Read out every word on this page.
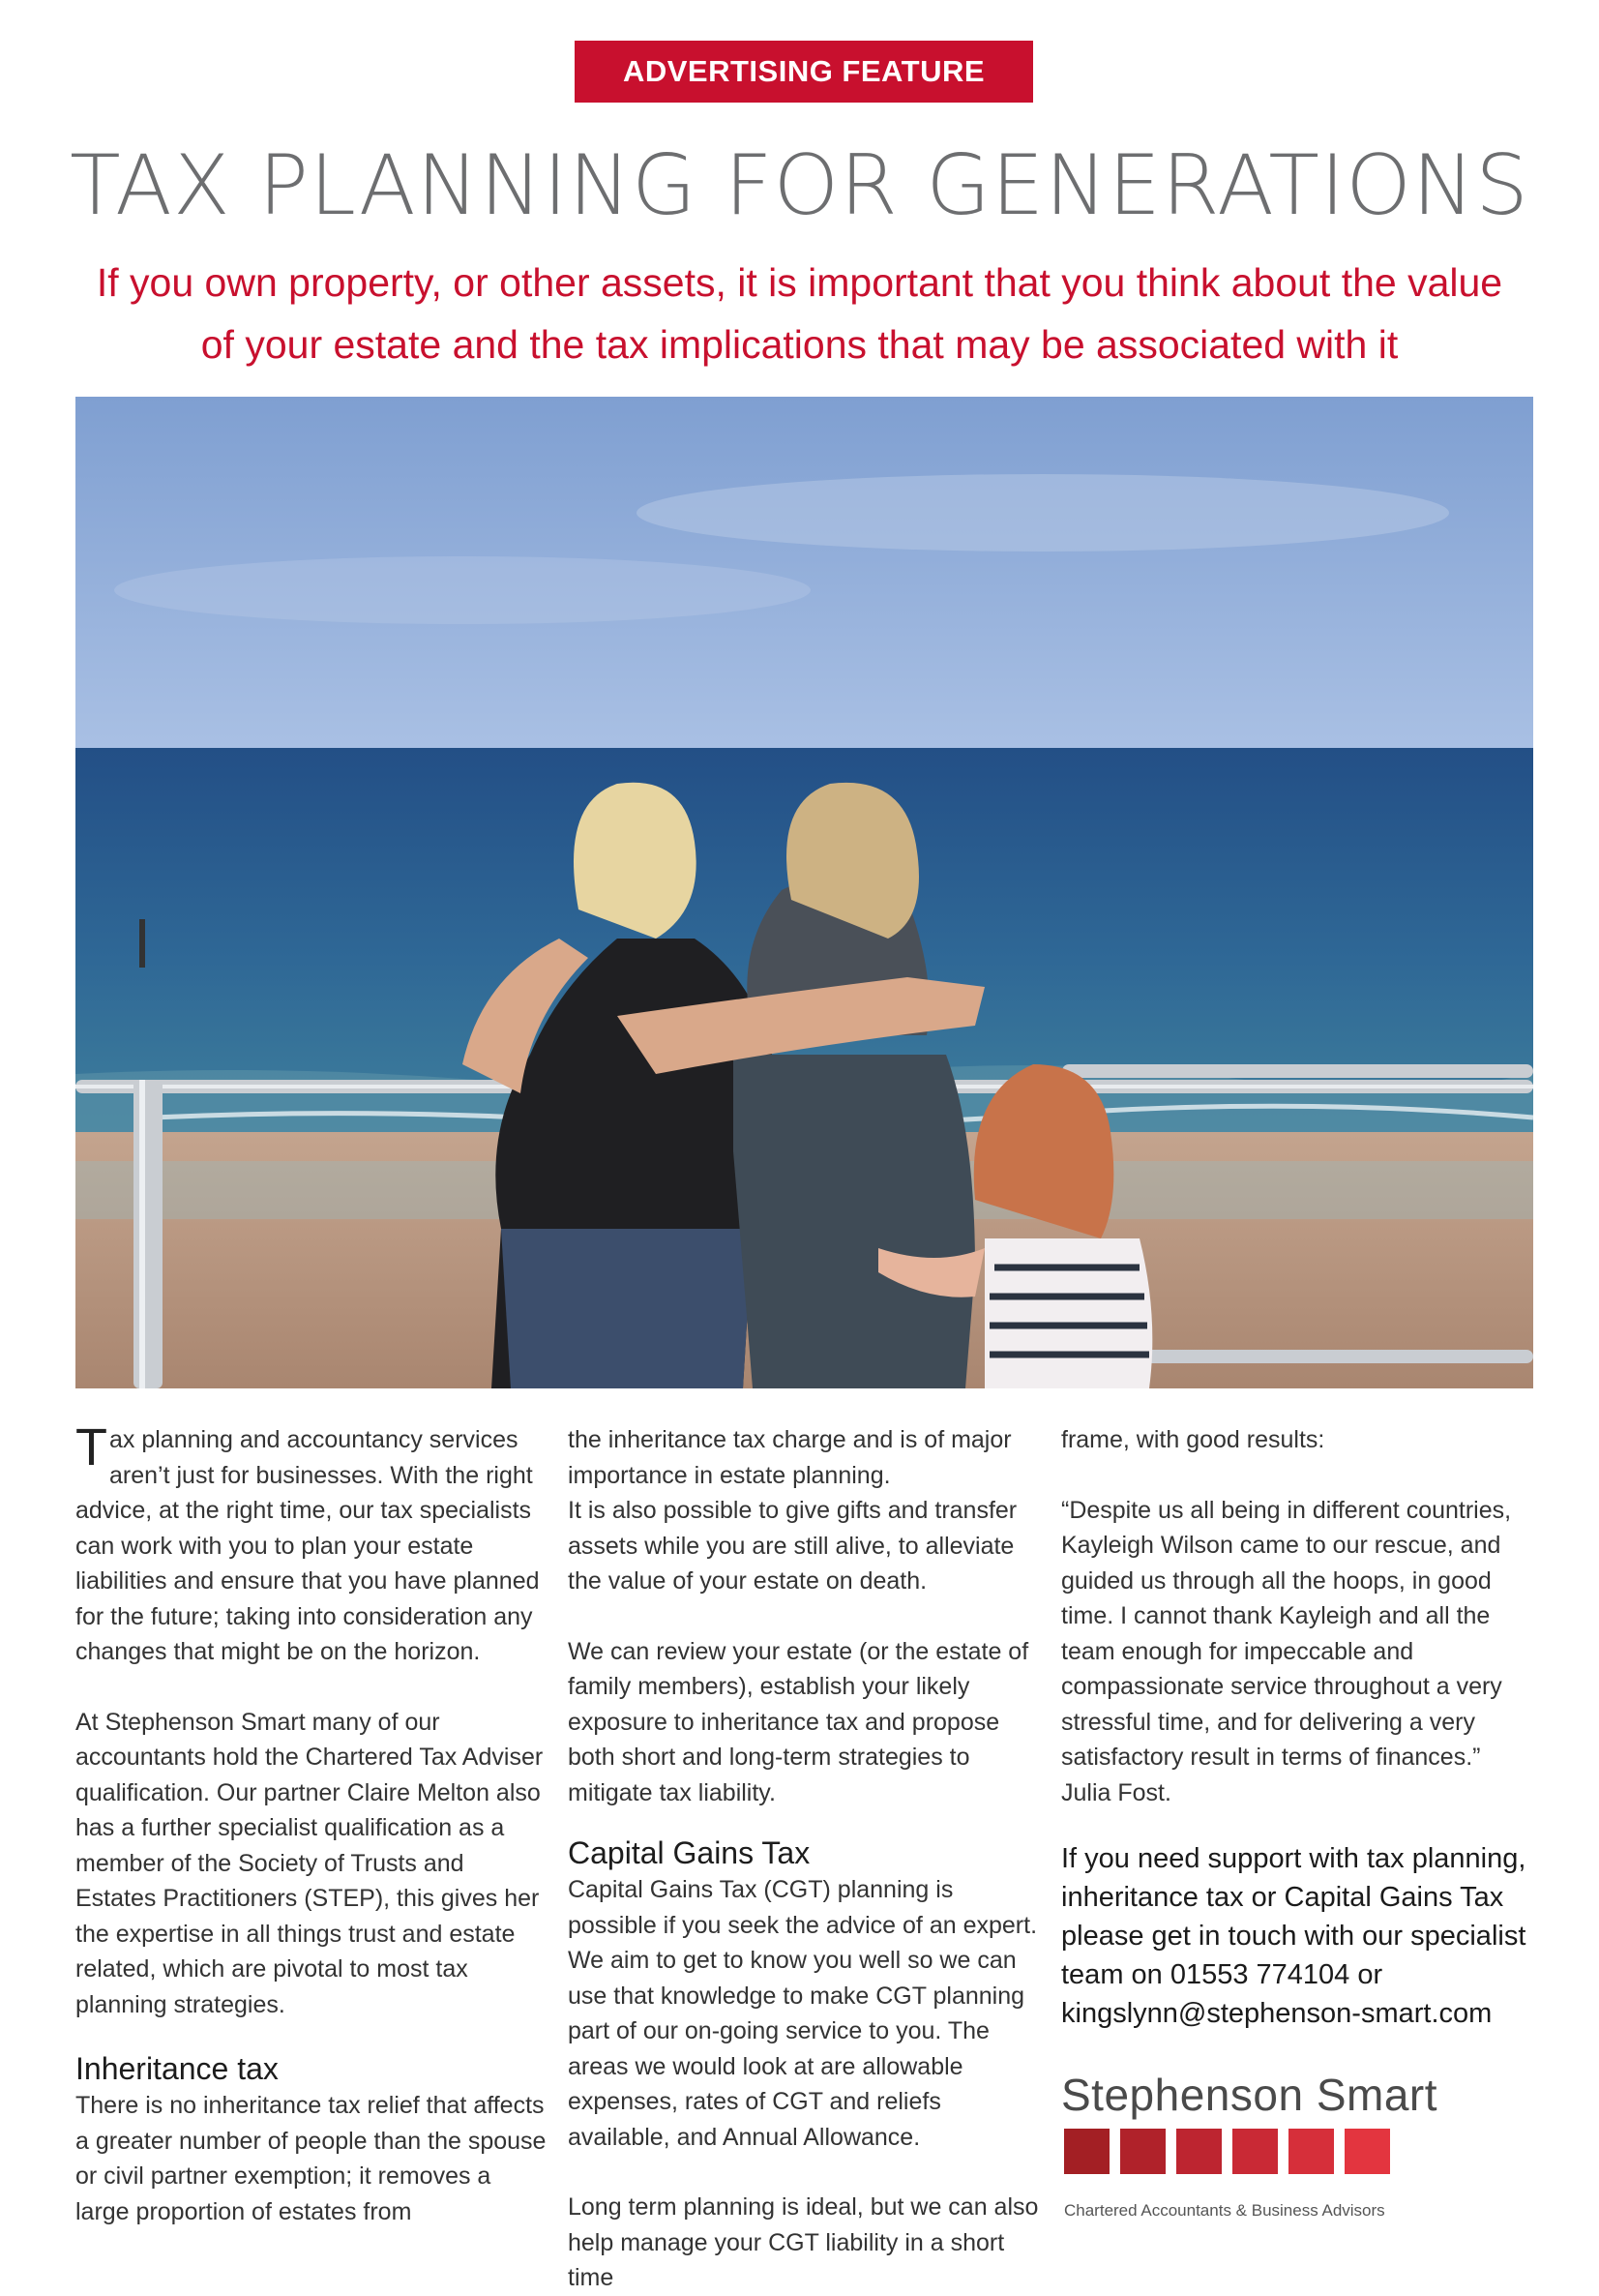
ADVERTISING FEATURE
TAX PLANNING FOR GENERATIONS
If you own property, or other assets, it is important that you think about the value
of your estate and the tax implications that may be associated with it

Tax planning and accountancy services aren’t just for businesses. With the right advice, at the right time, our tax specialists can work with you to plan your estate liabilities and ensure that you have planned for the future; taking into consideration any changes that might be on the horizon.

At Stephenson Smart many of our accountants hold the Chartered Tax Adviser qualification. Our partner Claire Melton also has a further specialist qualification as a member of the Society of Trusts and Estates Practitioners (STEP), this gives her the expertise in all things trust and estate related, which are pivotal to most tax planning strategies.

Inheritance tax

There is no inheritance tax relief that affects a greater number of people than the spouse or civil partner exemption; it removes a large proportion of estates from

the inheritance tax charge and is of major importance in estate planning.

It is also possible to give gifts and transfer assets while you are still alive, to alleviate the value of your estate on death.

We can review your estate (or the estate of family members), establish your likely exposure to inheritance tax and propose both short and long-term strategies to mitigate tax liability.

Capital Gains Tax

Capital Gains Tax (CGT) planning is possible if you seek the advice of an expert. We aim to get to know you well so we can use that knowledge to make CGT planning part of our on-going service to you. The areas we would look at are allowable expenses, rates of CGT and reliefs available, and Annual Allowance.

Long term planning is ideal, but we can also help manage your CGT liability in a short time

frame, with good results:

“Despite us all being in different countries, Kayleigh Wilson came to our rescue, and guided us through all the hoops, in good time. I cannot thank Kayleigh and all the team enough for impeccable and compassionate service throughout a very stressful time, and for delivering a very satisfactory result in terms of finances.” Julia Fost.

If you need support with tax planning, inheritance tax or Capital Gains Tax please get in touch with our specialist team on 01553 774104 or kingslynn@stephenson-smart.com

Stephenson Smart
Chartered Accountants & Business Advisors
